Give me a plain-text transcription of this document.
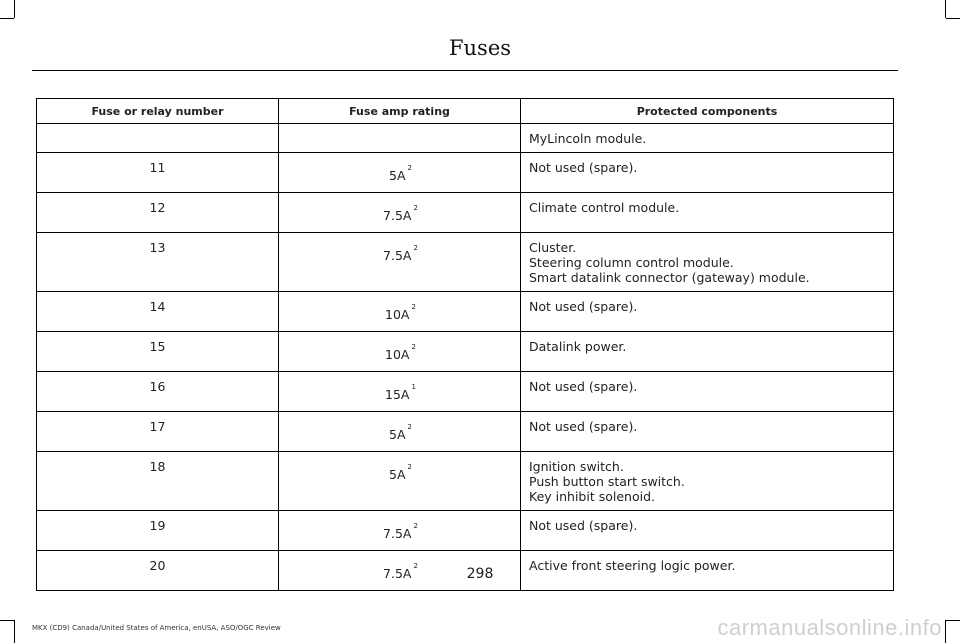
Fuses
Fuse or relay number	Fuse amp rating	Protected components

		MyLincoln module.

11	5A $^2$	Not used (spare).

12	7.5A $^2$	Climate control module.

13	7.5A $^2$	Cluster.
Steering column control module.
Smart datalink connector (gateway) module.

14	10A $^2$	Not used (spare).

15	10A $^2$	Datalink power.

16	15A $^1$	Not used (spare).

17	5A $^2$	Not used (spare).

18	5A $^2$	Ignition switch.
Push button start switch.
Key inhibit solenoid.

19	7.5A $^2$	Not used (spare).

20	7.5A $^2$	Active front steering logic power.
298
MKX (CD9) Canada/United States of America, enUSA, ASO/OGC Review	carmanualsonline.info
